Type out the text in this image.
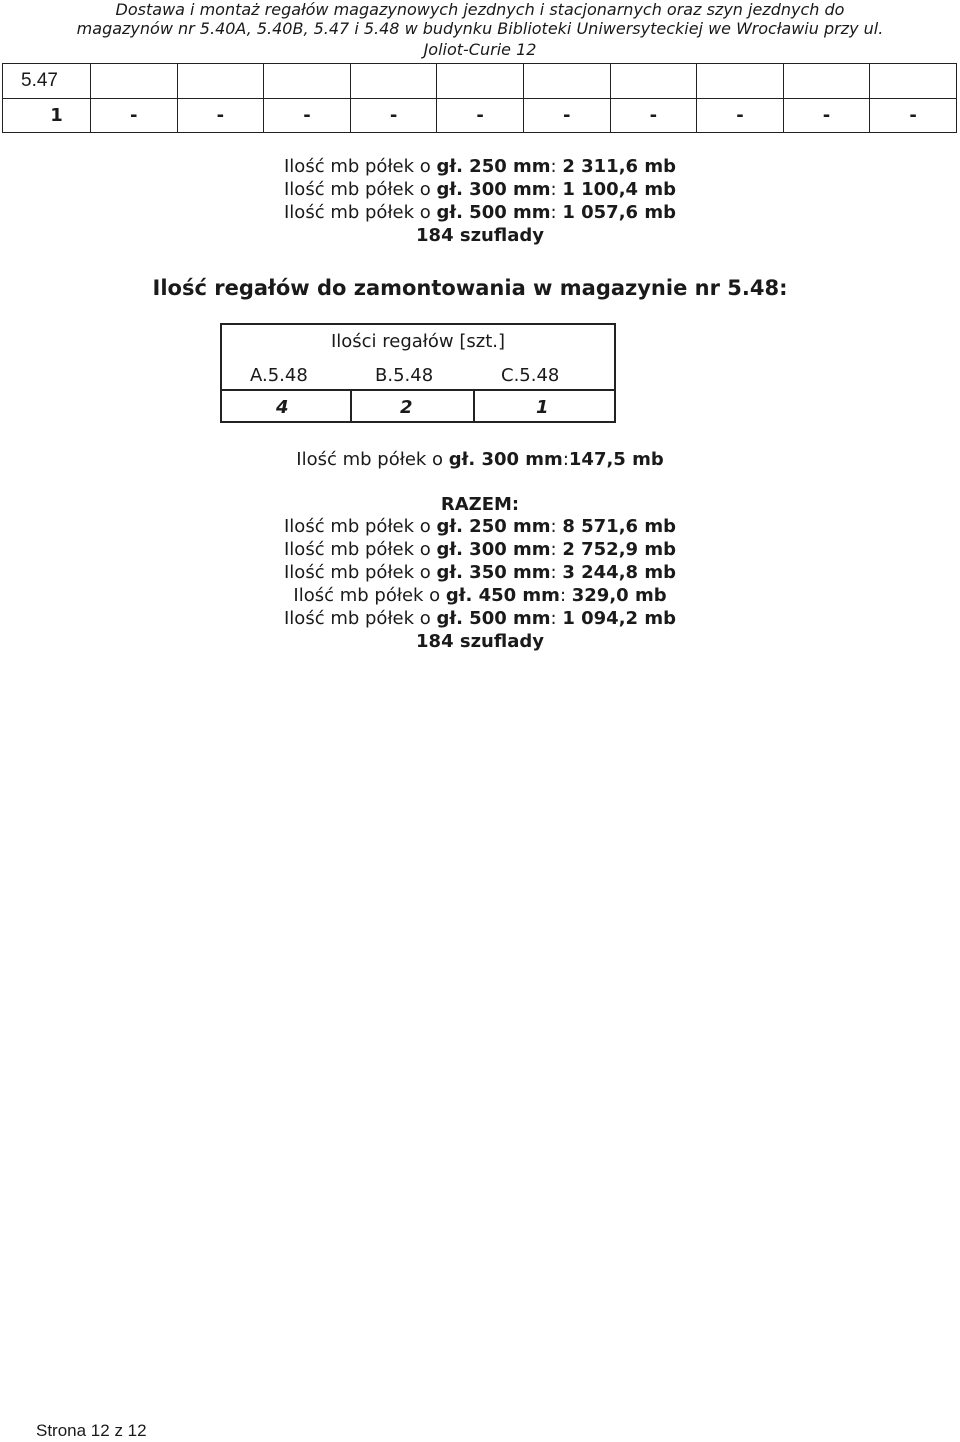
Dostawa i montaż regałów magazynowych jezdnych i stacjonarnych oraz szyn jezdnych do
magazynów nr 5.40A, 5.40B, 5.47 i 5.48 w budynku Biblioteki Uniwersyteckiej we Wrocławiu przy ul.
Joliot-Curie 12
5.47										
1	-	-	-	-	-	-	-	-	-	-
Ilość mb półek o gł. 250 mm: 2 311,6 mb
Ilość mb półek o gł. 300 mm: 1 100,4 mb
Ilość mb półek o gł. 500 mm: 1 057,6 mb
184 szuflady
Ilość regałów do zamontowania w magazynie nr 5.48:
Ilości regałów [szt.]
A.5.48	B.5.48	C.5.48
4	2	1
Ilość mb półek o gł. 300 mm:147,5 mb
RAZEM:
Ilość mb półek o gł. 250 mm: 8 571,6 mb
Ilość mb półek o gł. 300 mm: 2 752,9 mb
Ilość mb półek o gł. 350 mm: 3 244,8 mb
Ilość mb półek o gł. 450 mm: 329,0 mb
Ilość mb półek o gł. 500 mm: 1 094,2 mb
184 szuflady
Strona 12 z 12
